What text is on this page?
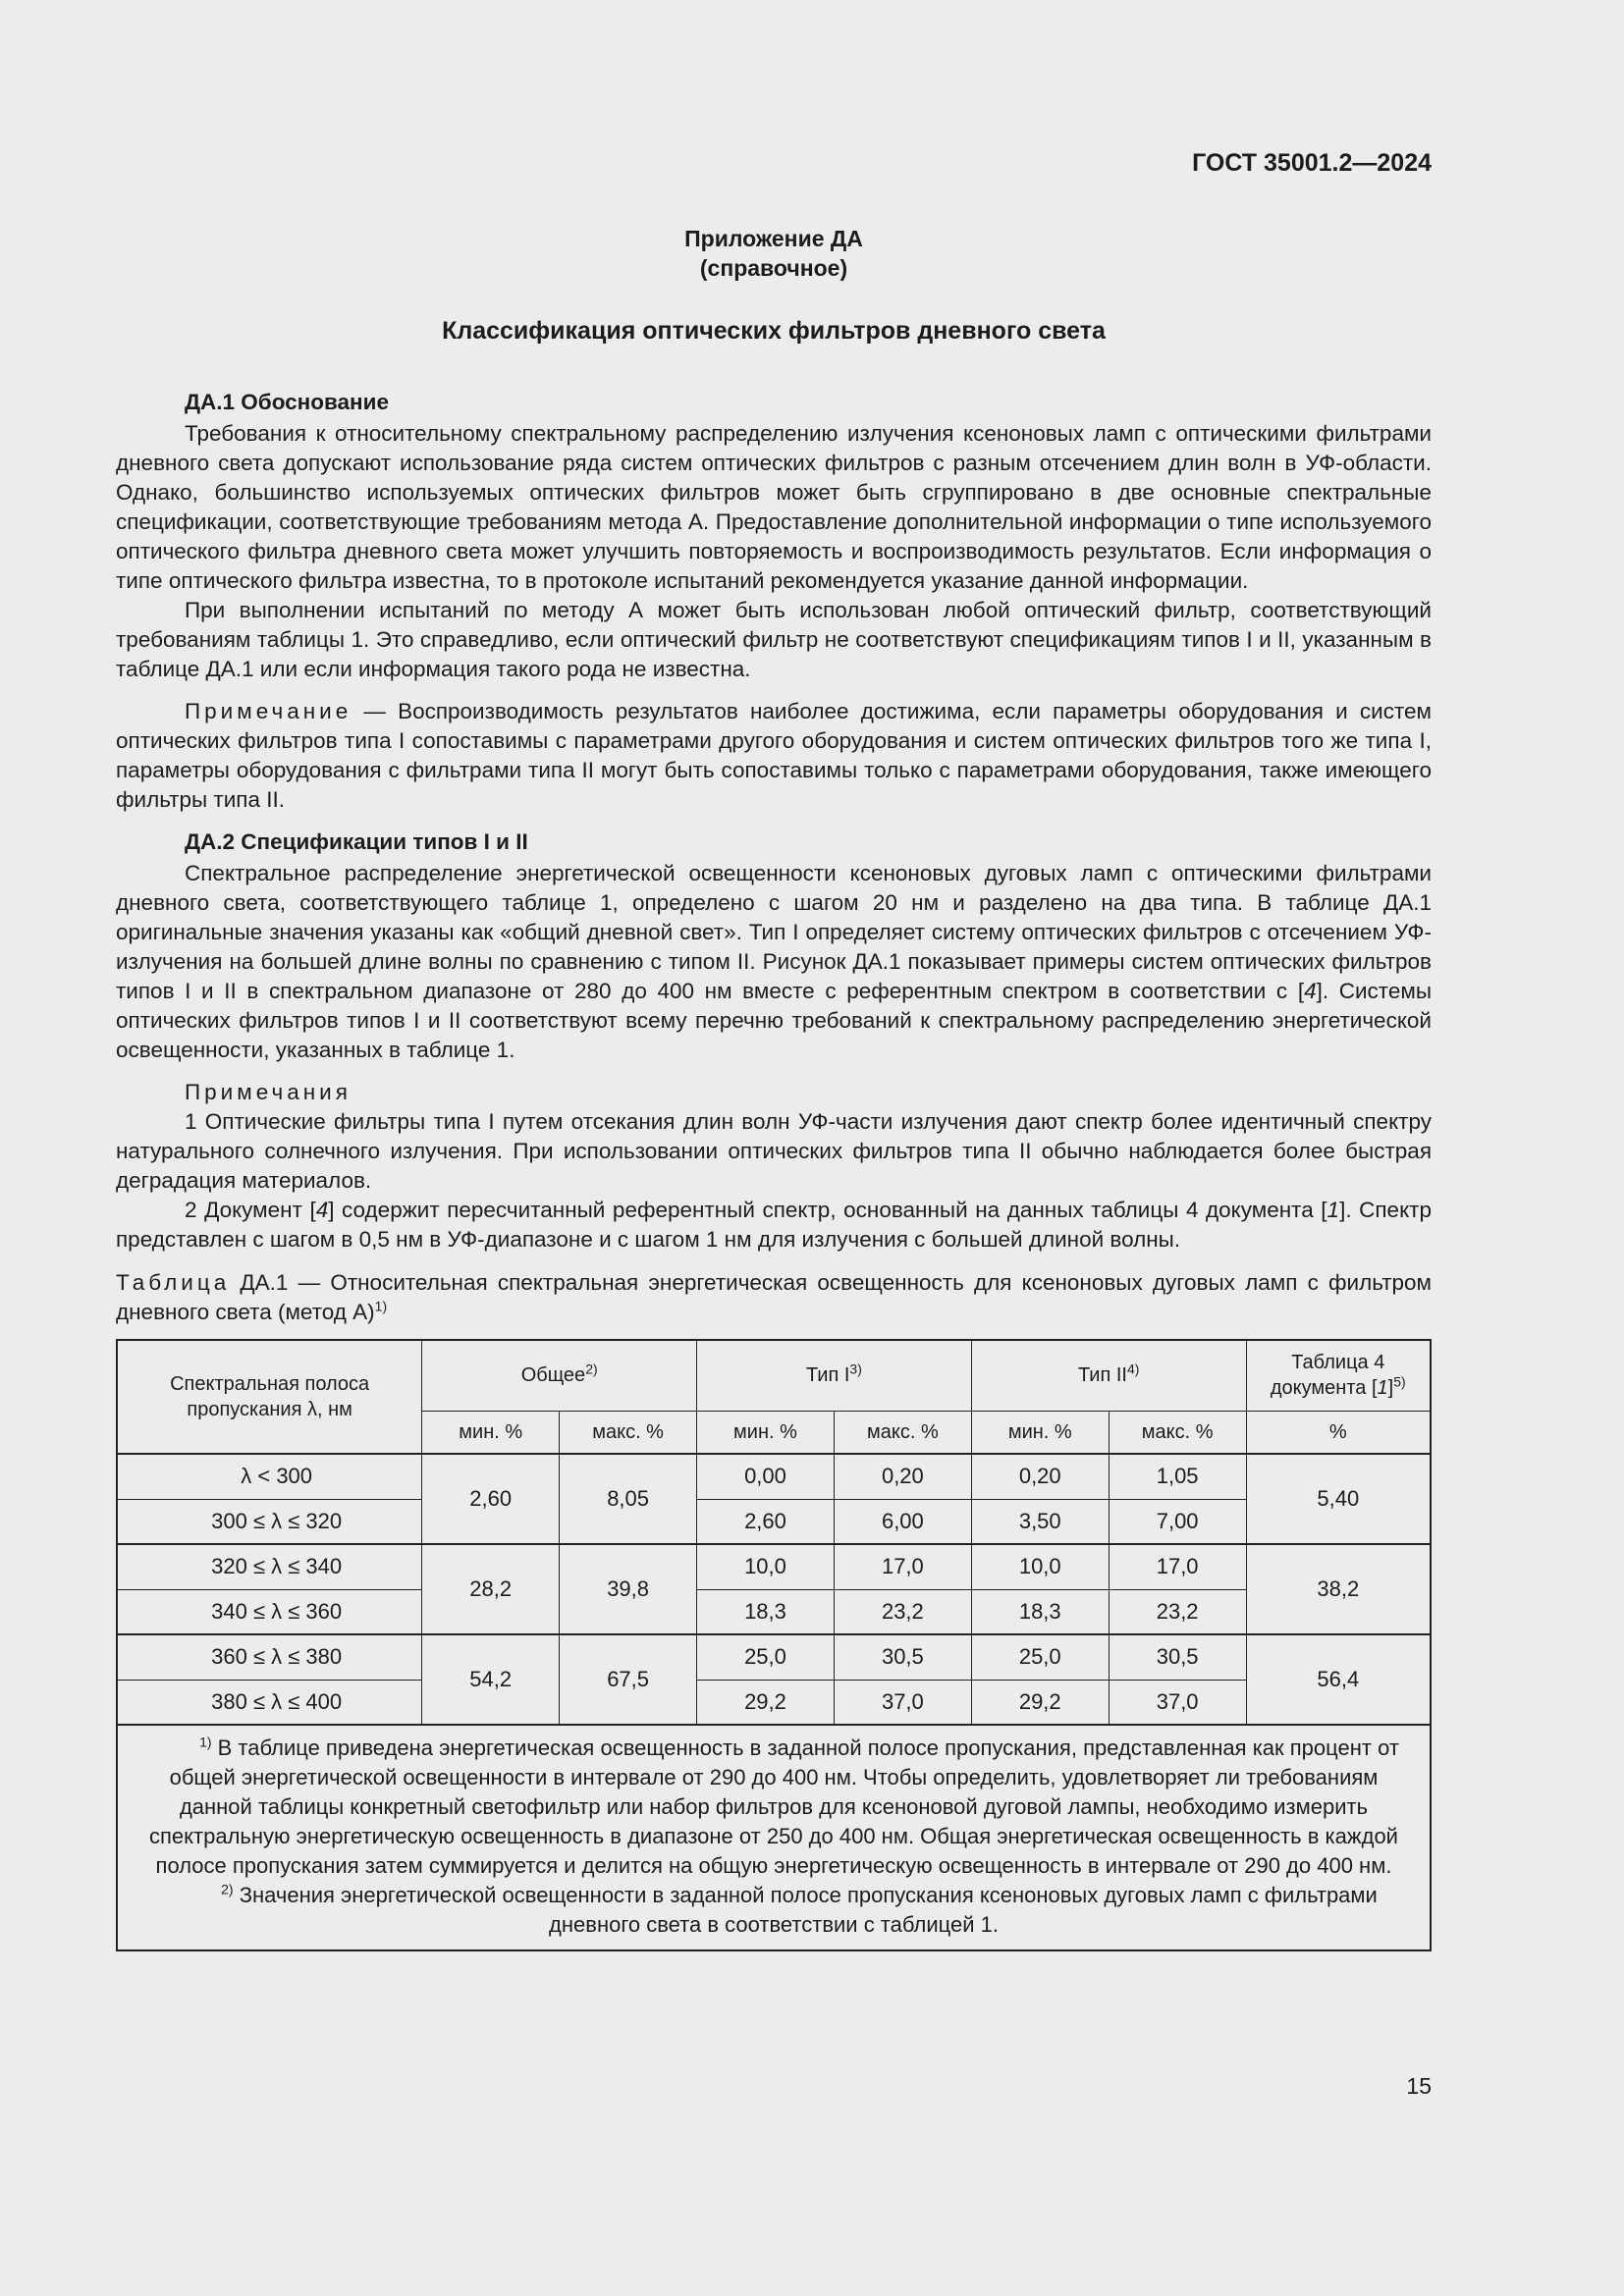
ГОСТ 35001.2—2024
Приложение ДА
(справочное)
Классификация оптических фильтров дневного света
ДА.1 Обоснование

Требования к относительному спектральному распределению излучения ксеноновых ламп с оптическими фильтрами дневного света допускают использование ряда систем оптических фильтров с разным отсечением длин волн в УФ-области. Однако, большинство используемых оптических фильтров может быть сгруппировано в две основные спектральные спецификации, соответствующие требованиям метода А. Предоставление дополнительной информации о типе используемого оптического фильтра дневного света может улучшить повторяемость и воспроизводимость результатов. Если информация о типе оптического фильтра известна, то в протоколе испытаний рекомендуется указание данной информации.

При выполнении испытаний по методу А может быть использован любой оптический фильтр, соответствующий требованиям таблицы 1. Это справедливо, если оптический фильтр не соответствуют спецификациям типов I и II, указанным в таблице ДА.1 или если информация такого рода не известна.

Примечание — Воспроизводимость результатов наиболее достижима, если параметры оборудования и систем оптических фильтров типа I сопоставимы с параметрами другого оборудования и систем оптических фильтров того же типа I, параметры оборудования с фильтрами типа II могут быть сопоставимы только с параметрами оборудования, также имеющего фильтры типа II.

ДА.2 Спецификации типов I и II

Спектральное распределение энергетической освещенности ксеноновых дуговых ламп с оптическими фильтрами дневного света, соответствующего таблице 1, определено с шагом 20 нм и разделено на два типа. В таблице ДА.1 оригинальные значения указаны как «общий дневной свет». Тип I определяет систему оптических фильтров с отсечением УФ-излучения на большей длине волны по сравнению с типом II. Рисунок ДА.1 показывает примеры систем оптических фильтров типов I и II в спектральном диапазоне от 280 до 400 нм вместе с референтным спектром в соответствии с [4]. Системы оптических фильтров типов I и II соответствуют всему перечню требований к спектральному распределению энергетической освещенности, указанных в таблице 1.

Примечания

1 Оптические фильтры типа I путем отсекания длин волн УФ-части излучения дают спектр более идентичный спектру натурального солнечного излучения. При использовании оптических фильтров типа II обычно наблюдается более быстрая деградация материалов.

2 Документ [4] содержит пересчитанный референтный спектр, основанный на данных таблицы 4 документа [1]. Спектр представлен с шагом в 0,5 нм в УФ-диапазоне и с шагом 1 нм для излучения с большей длиной волны.

Таблица ДА.1 — Относительная спектральная энергетическая освещенность для ксеноновых дуговых ламп с фильтром дневного света (метод А)$^{1)}$
Спектральная полоса пропускания λ, нм	Общее$^{2)}$		Тип $I^{3)}$		Тип II$^{4)}$		Таблица 4 документа $[1]^{5)}$
	мин. %	макс. %	мин. %	макс. %	мин. %	макс. %	%
λ < 300	2,60	8,05	0,00	0,20	0,20	1,05	5,40
300 ≤ λ ≤ 320			2,60	6,00	3,50	7,00	
320 ≤ λ ≤ 340	28,2	39,8	10,0	17,0	10,0	17,0	38,2
340 ≤ λ ≤ 360			18,3	23,2	18,3	23,2	
360 ≤ λ ≤ 380	54,2	67,5	25,0	30,5	25,0	30,5	56,4
380 ≤ λ ≤ 400			29,2	37,0	29,2	37,0	

$^{1)}$ В таблице приведена энергетическая освещенность в заданной полосе пропускания, представленная как процент от общей энергетической освещенности в интервале от 290 до 400 нм. Чтобы определить, удовлетворяет ли требованиям данной таблицы конкретный светофильтр или набор фильтров для ксеноновой дуговой лампы, необходимо измерить спектральную энергетическую освещенность в диапазоне от 250 до 400 нм. Общая энергетическая освещенность в каждой полосе пропускания затем суммируется и делится на общую энергетическую освещенность в интервале от 290 до 400 нм.

$^{2)}$ Значения энергетической освещенности в заданной полосе пропускания ксеноновых дуговых ламп с фильтрами дневного света в соответствии с таблицей 1.							

15
